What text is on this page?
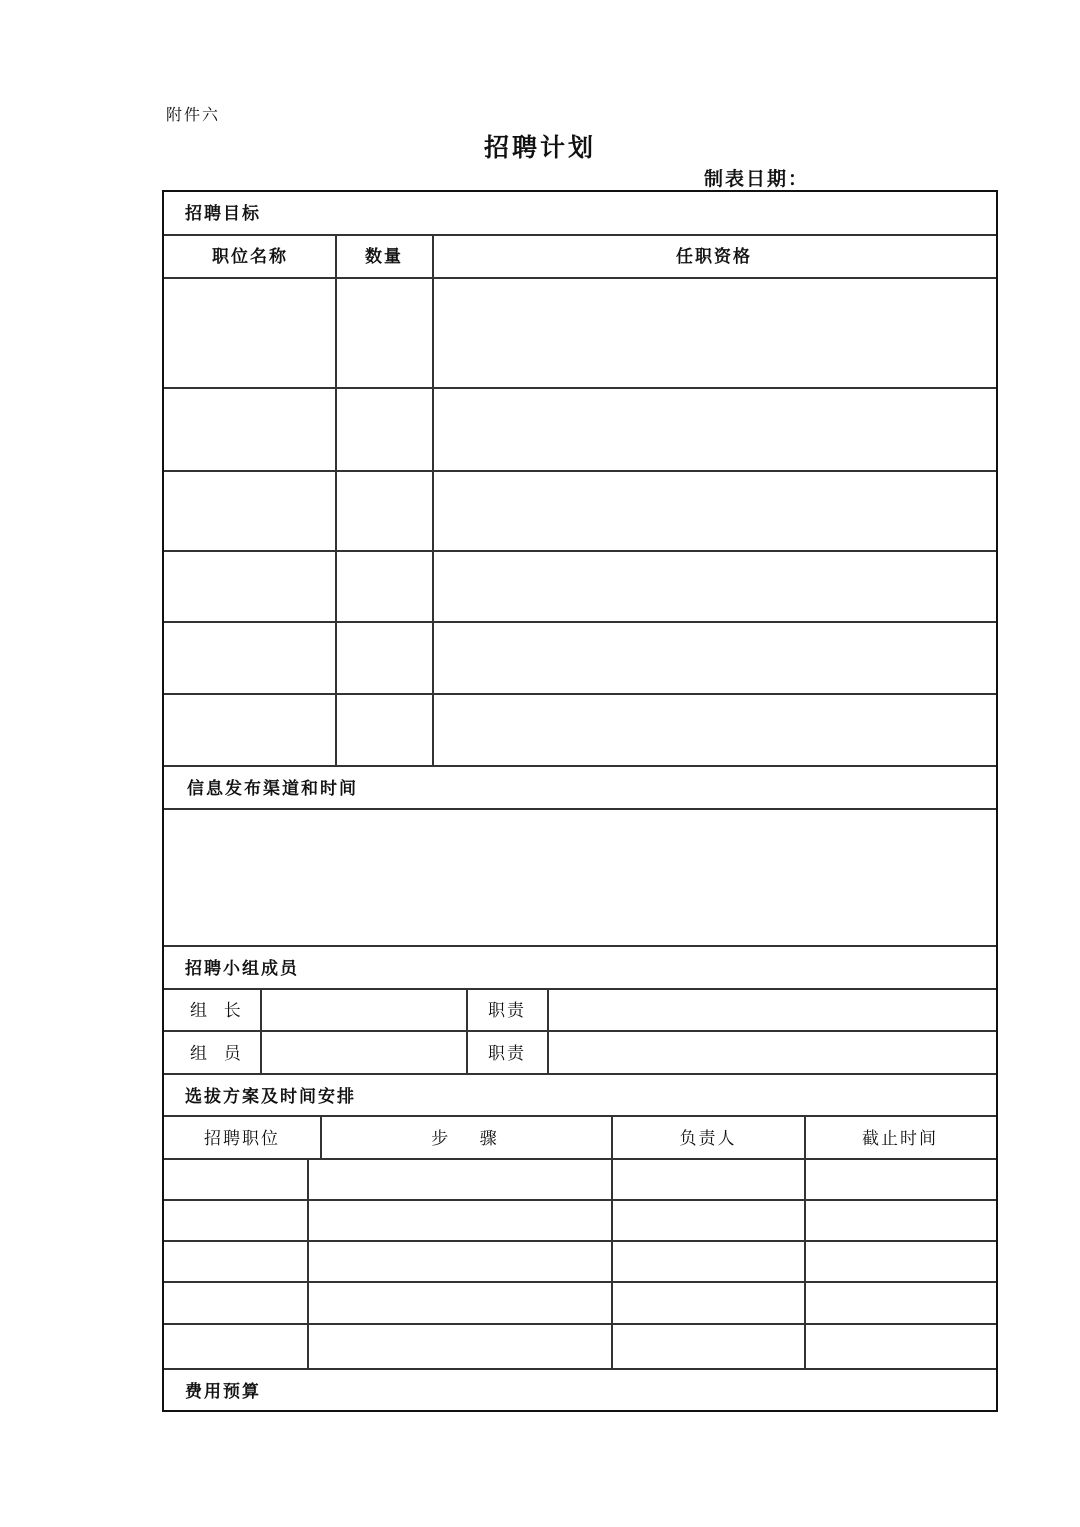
附件六
招聘计划
制表日期：
招聘目标
职位名称	数量	任职资格
信息发布渠道和时间
招聘小组成员
组  长	职责
组  员	职责
选拔方案及时间安排
招聘职位	步    骤	负责人	截止时间
费用预算
